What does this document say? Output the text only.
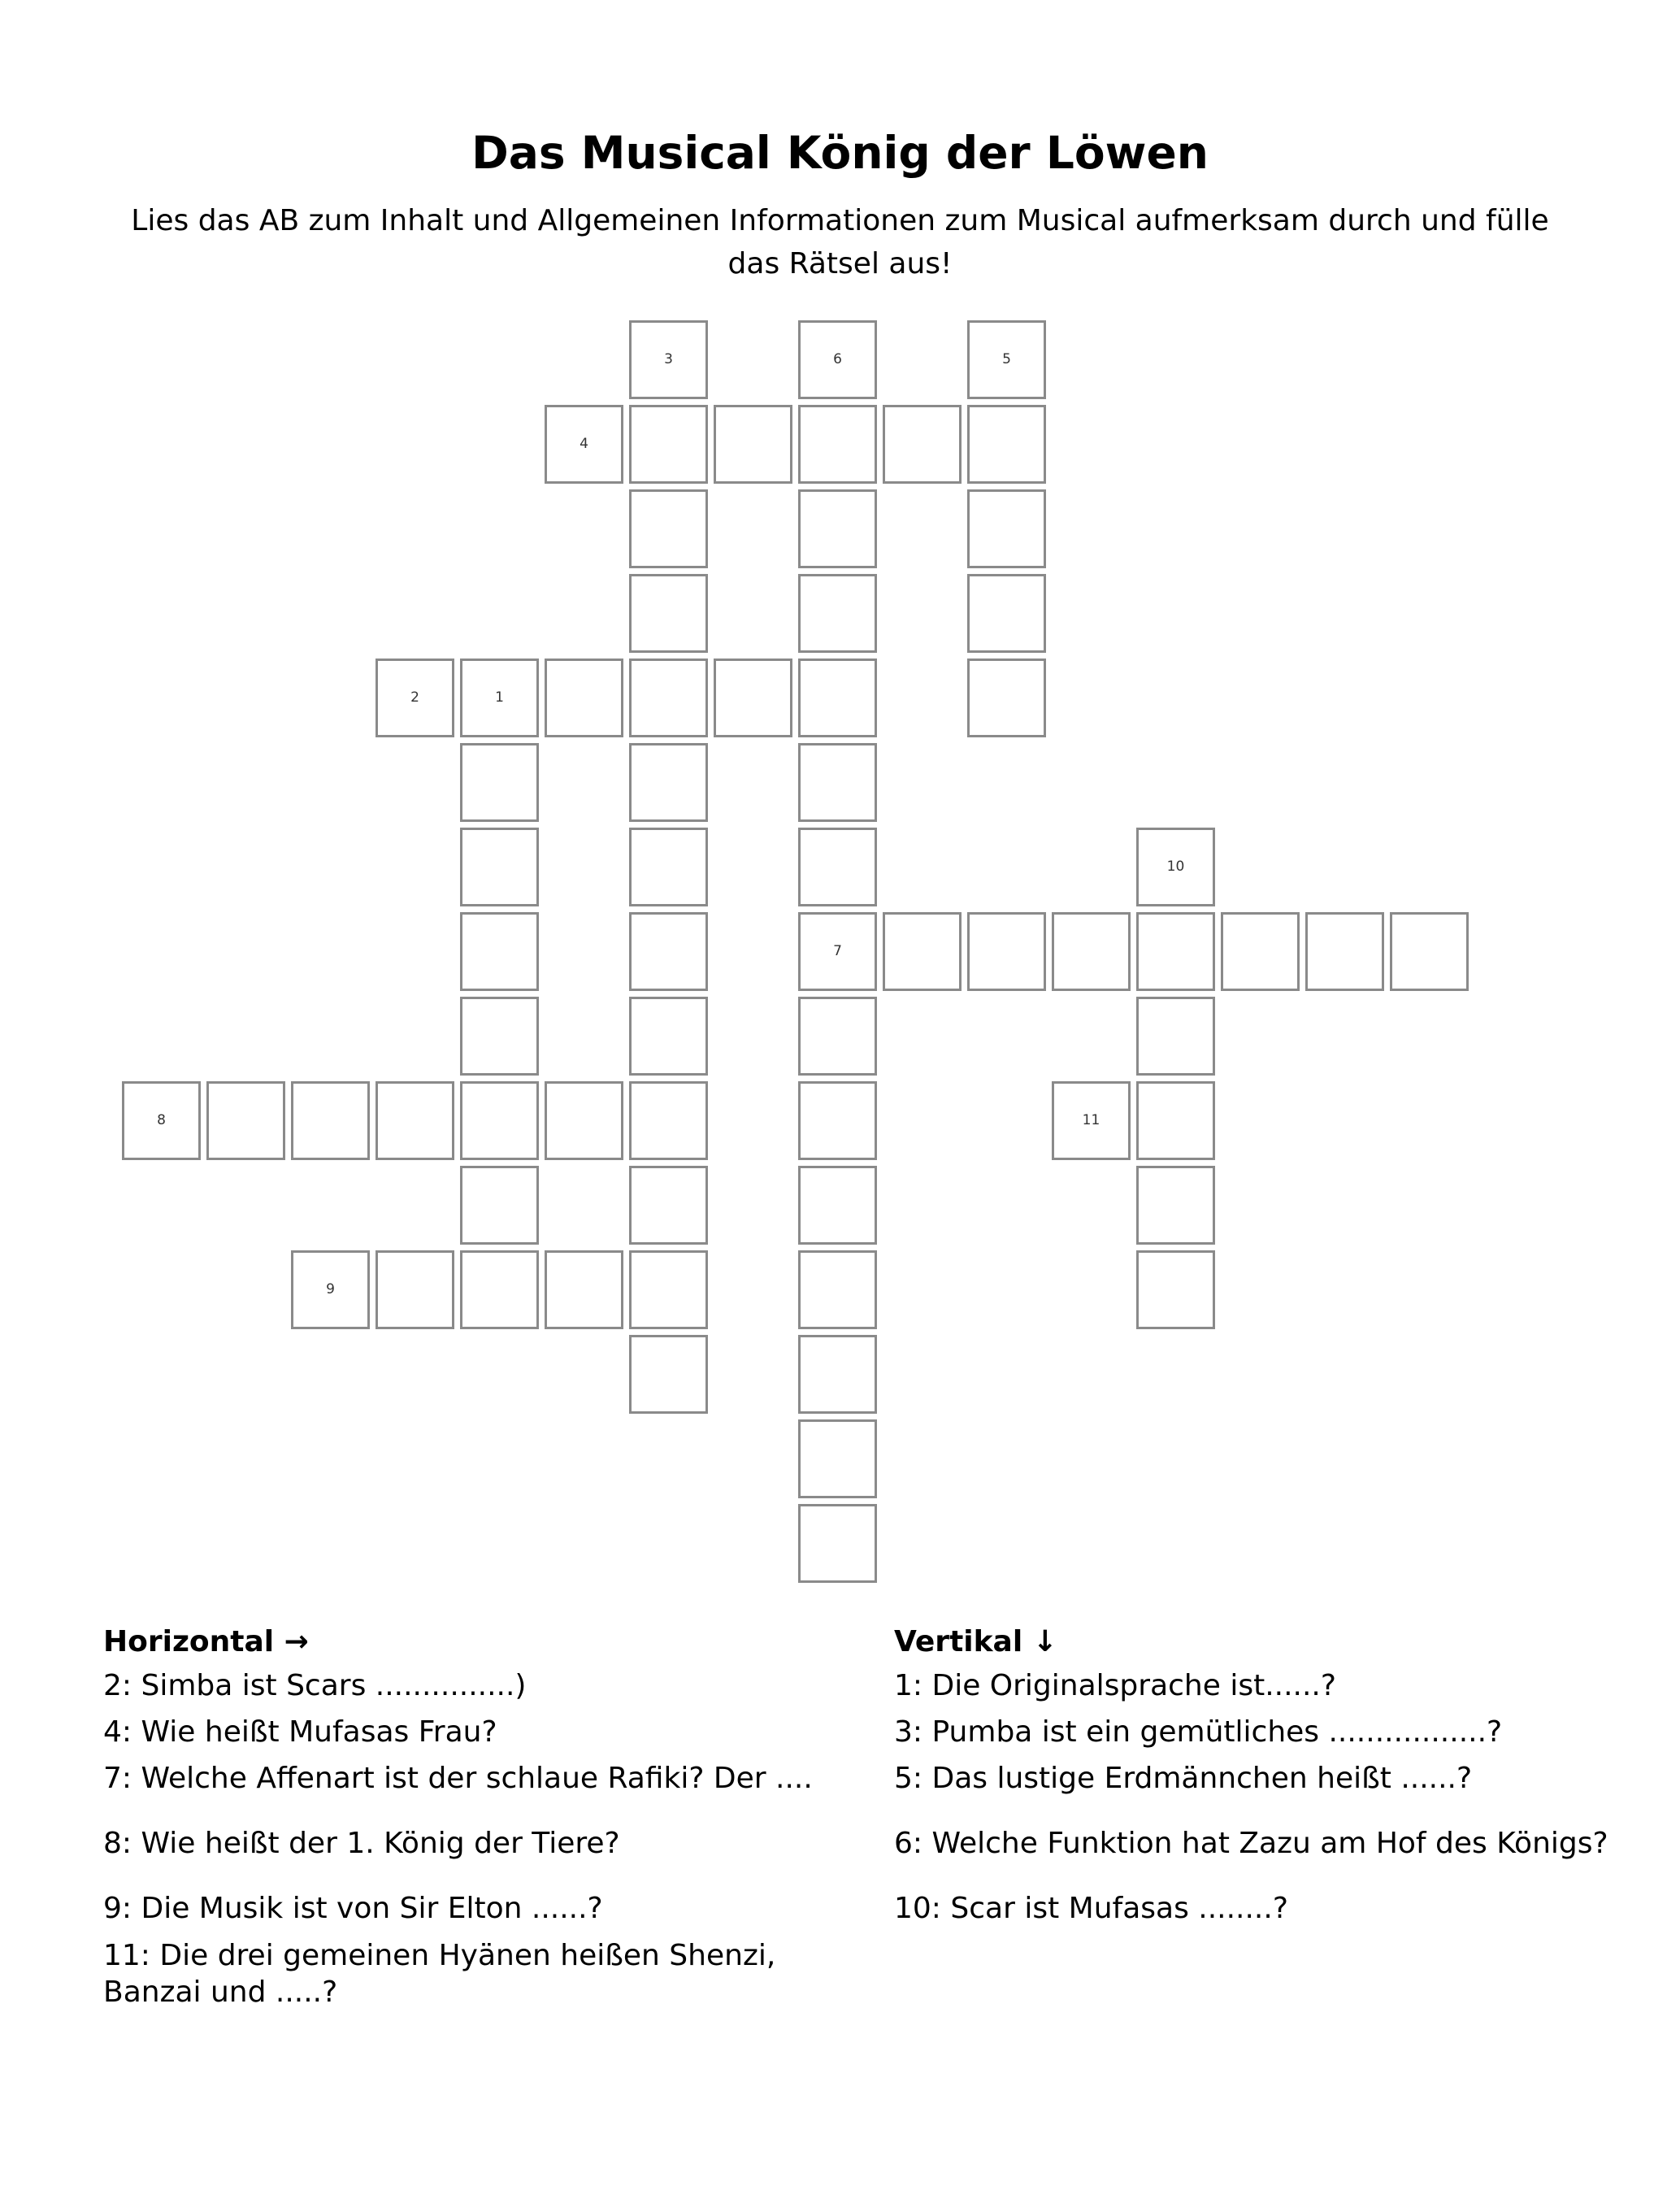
Das Musical König der Löwen
Lies das AB zum Inhalt und Allgemeinen Informationen zum Musical aufmerksam durch und fülle das Rätsel aus!
3	6
7
5
4
2	1
10
8	11
9
Horizontal →
2: Simba ist Scars ...............)
4: Wie heißt Mufasas Frau?
7: Welche Affenart ist der schlaue Rafiki? Der ....
8: Wie heißt der 1. König der Tiere?
9: Die Musik ist von Sir Elton ......?
11: Die drei gemeinen Hyänen heißen Shenzi, Banzai und .....?
Vertikal ↓
1: Die Originalsprache ist......?
3: Pumba ist ein gemütliches .................?
5: Das lustige Erdmännchen heißt ......?
6: Welche Funktion hat Zazu am Hof des Königs?
10: Scar ist Mufasas ........?
